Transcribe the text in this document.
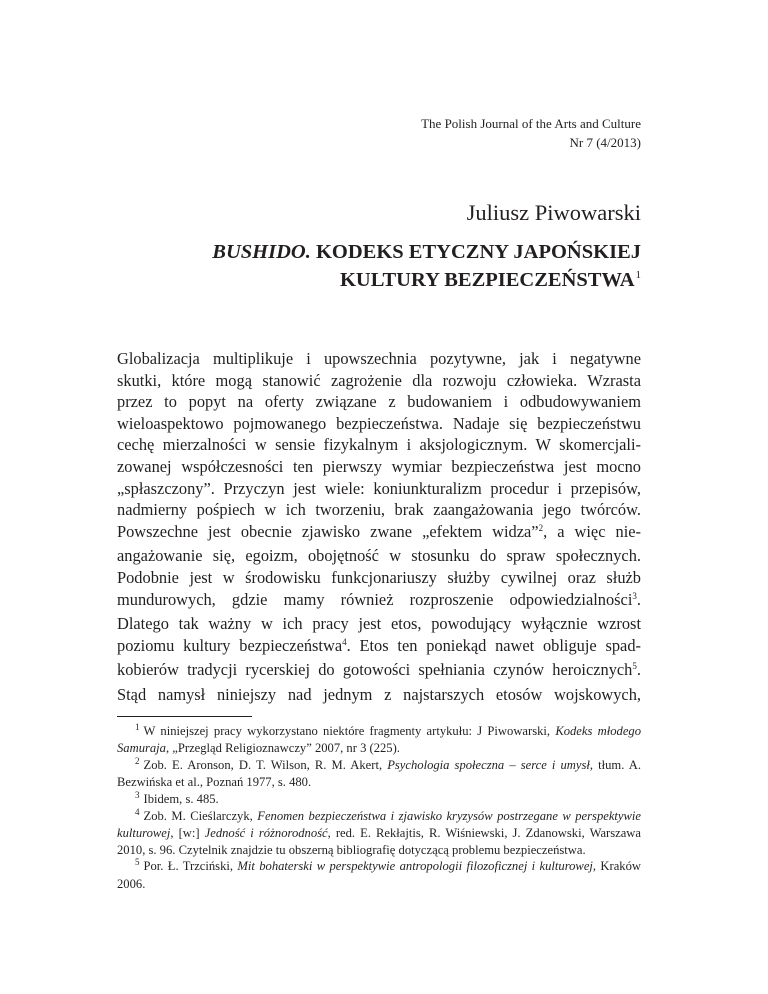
The Polish Journal of the Arts and Culture
Nr 7 (4/2013)
Juliusz Piwowarski
BUSHIDO. KODEKS ETYCZNY JAPOŃSKIEJ
KULTURY BEZPIECZEŃSTWA$^1$
Globalizacja multiplikuje i upowszechnia pozytywne, jak i negatywne
skutki, które mogą stanowić zagrożenie dla rozwoju człowieka. Wzrasta
przez to popyt na oferty związane z budowaniem i odbudowywaniem
wieloaspektowo pojmowanego bezpieczeństwa. Nadaje się bezpieczeństwu
cechę mierzalności w sensie fizykalnym i aksjologicznym. W skomercjali-
zowanej współczesności ten pierwszy wymiar bezpieczeństwa jest mocno
„spłaszczony”. Przyczyn jest wiele: koniunkturalizm procedur i przepisów,
nadmierny pośpiech w ich tworzeniu, brak zaangażowania jego twórców.
Powszechne jest obecnie zjawisko zwane „efektem widza”$^2$, a więc nie-
angażowanie się, egoizm, obojętność w stosunku do spraw społecznych.
Podobnie jest w środowisku funkcjonariuszy służby cywilnej oraz służb
mundurowych, gdzie mamy również rozproszenie odpowiedzialności$^3$.
Dlatego tak ważny w ich pracy jest etos, powodujący wyłącznie wzrost
poziomu kultury bezpieczeństwa$^4$. Etos ten poniekąd nawet obliguje spad-
kobierów tradycji rycerskiej do gotowości spełniania czynów heroicznych$^5$.
Stąd namysł niniejszy nad jednym z najstarszych etosów wojskowych,

$^1$ W niniejszej pracy wykorzystano niektóre fragmenty artykułu: J Piwowarski, Kodeks młodego Samuraja, „Przegląd Religioznawczy” 2007, nr 3 (225).

$^2$ Zob. E. Aronson, D. T. Wilson, R. M. Akert, Psychologia społeczna – serce i umysł, tłum. A. Bezwińska et al., Poznań 1977, s. 480.

$^3$ Ibidem, s. 485.

$^4$ Zob. M. Cieślarczyk, Fenomen bezpieczeństwa i zjawisko kryzysów postrzegane w perspektywie kulturowej, [w:] Jedność i różnorodność, red. E. Rekłajtis, R. Wiśniewski, J. Zdanowski, Warszawa 2010, s. 96. Czytelnik znajdzie tu obszerną bibliografię dotyczącą problemu bezpieczeństwa.

$^5$ Por. Ł. Trzciński, Mit bohaterski w perspektywie antropologii filozoficznej i kulturowej, Kraków 2006.
